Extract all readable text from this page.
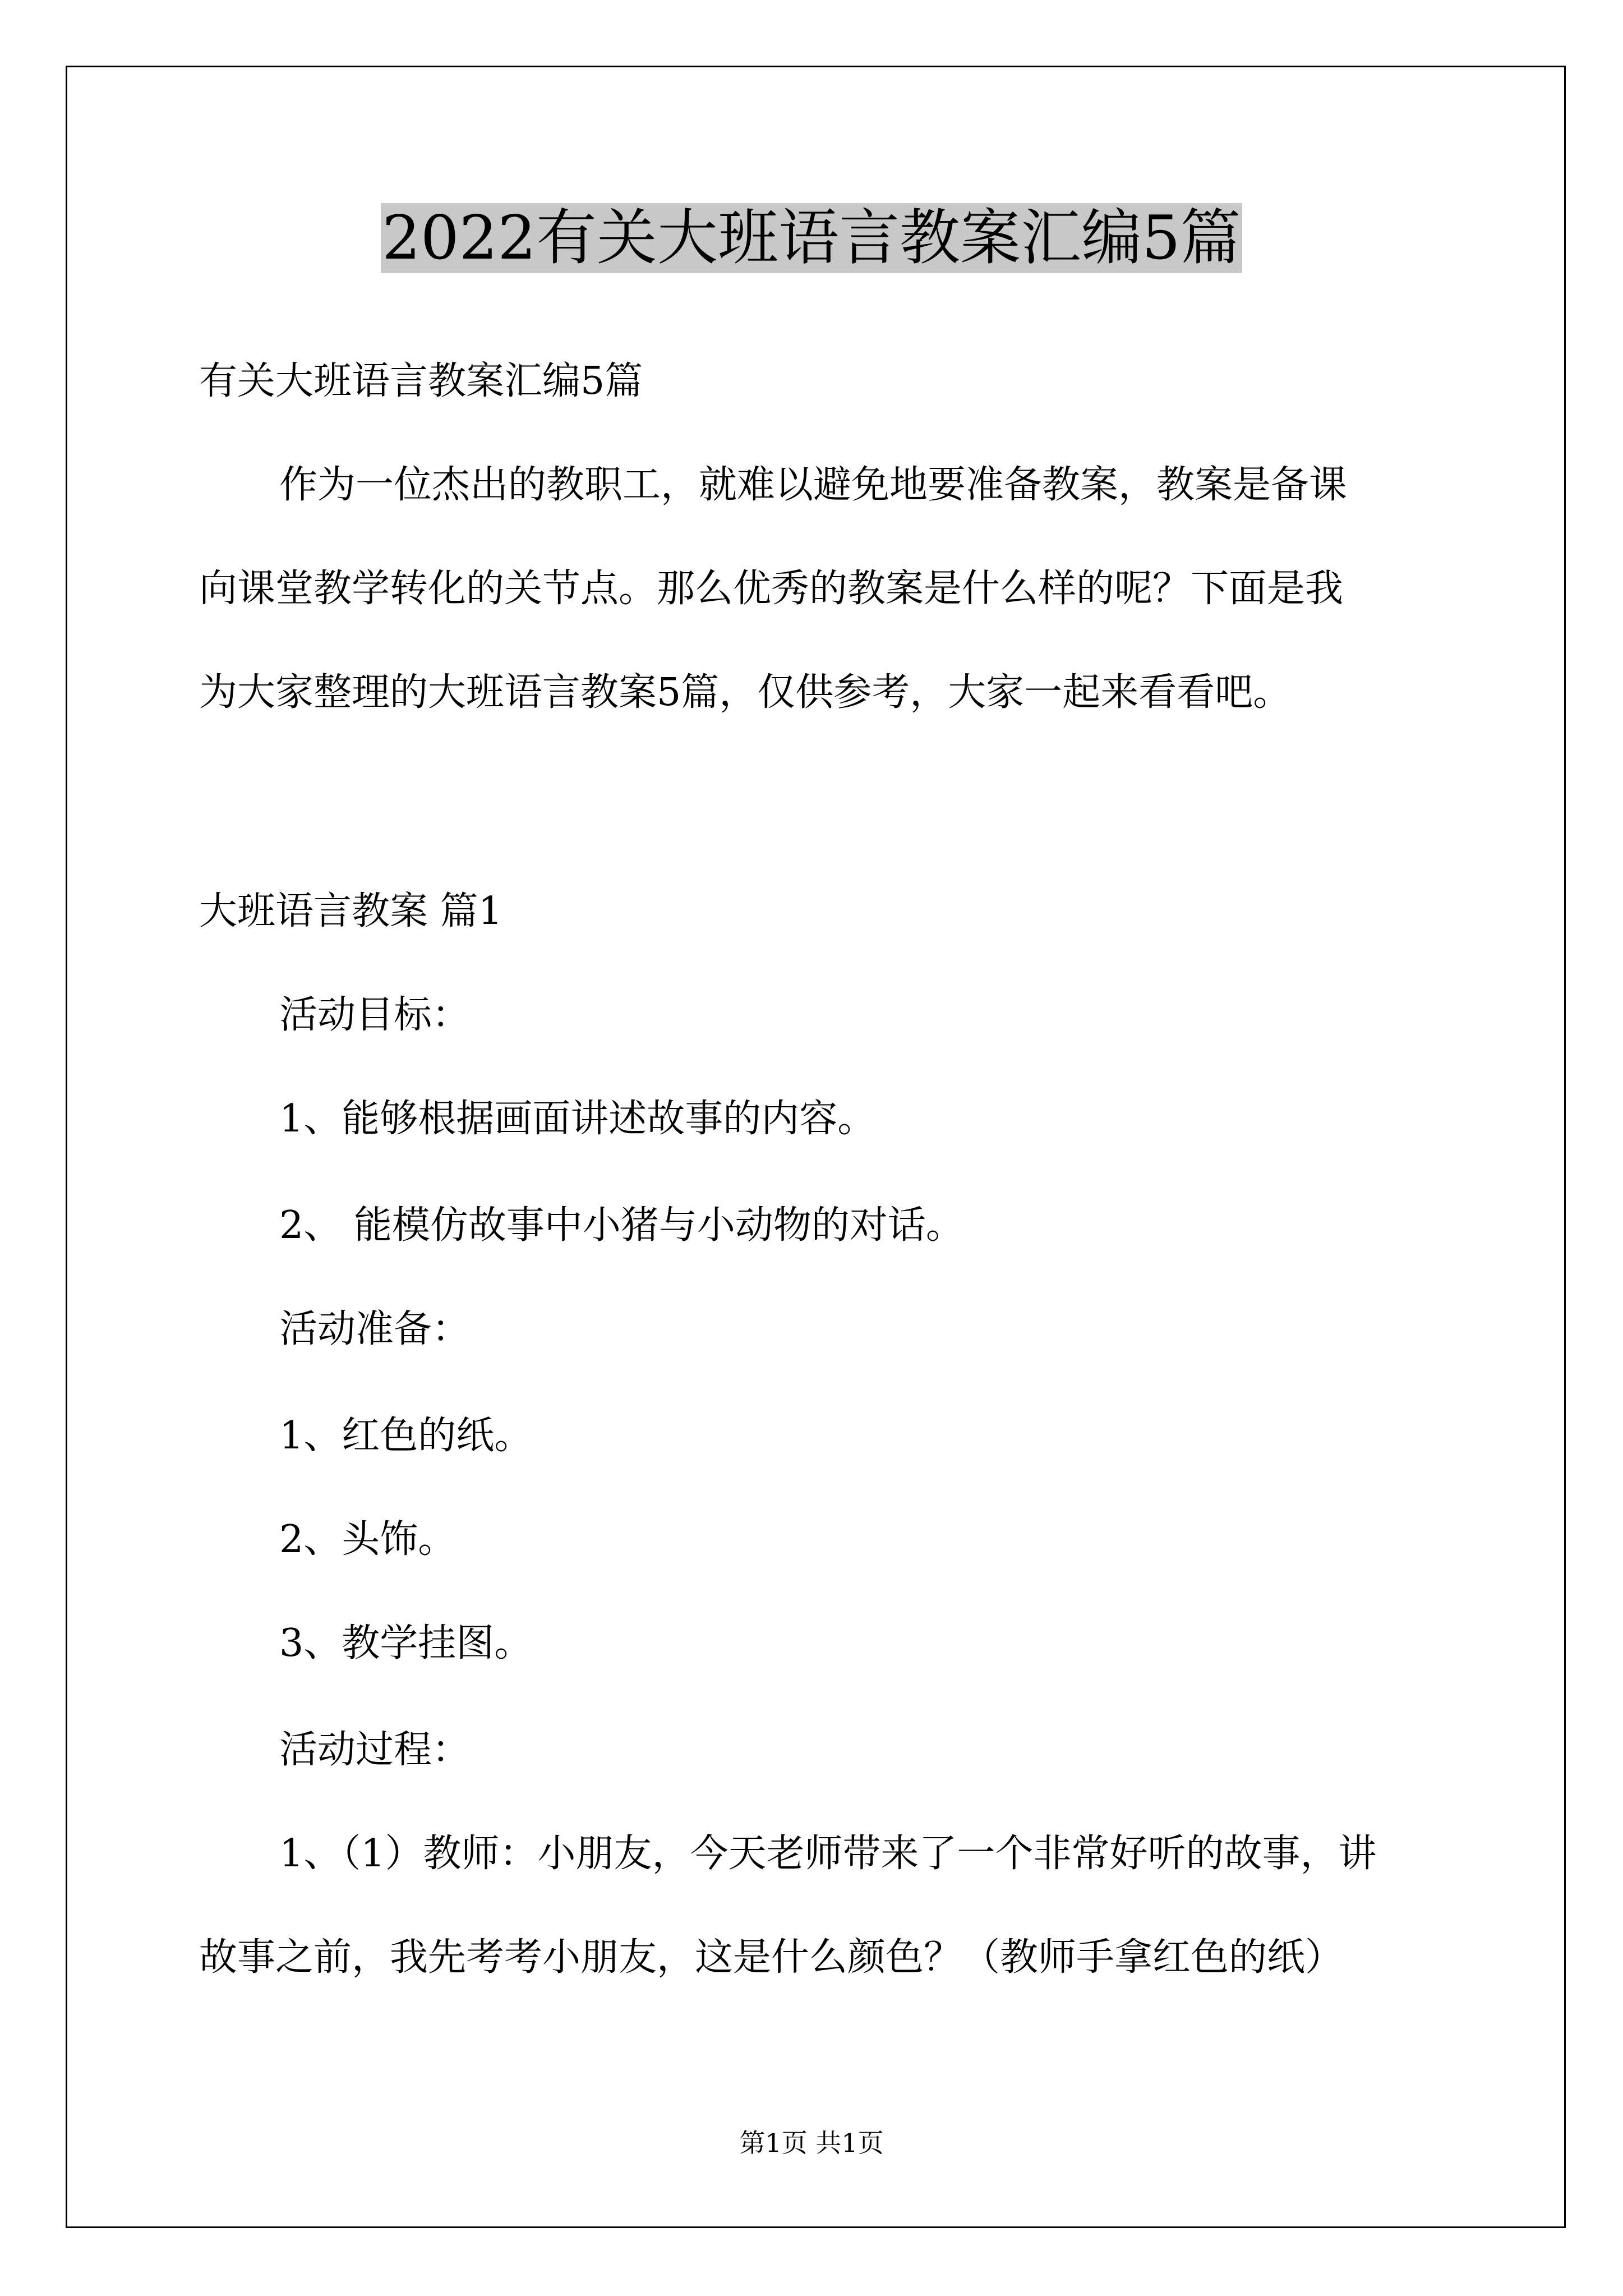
2022有关大班语言教案汇编5篇
有关大班语言教案汇编5篇
作为一位杰出的教职工，就难以避免地要准备教案，教案是备课
向课堂教学转化的关节点。那么优秀的教案是什么样的呢？下面是我
为大家整理的大班语言教案5篇，仅供参考，大家一起来看看吧。
大班语言教案 篇1
活动目标：
1、能够根据画面讲述故事的内容。
2、 能模仿故事中小猪与小动物的对话。
活动准备：
1、红色的纸。
2、头饰。
3、教学挂图。
活动过程：
1、（1）教师：小朋友，今天老师带来了一个非常好听的故事，讲
故事之前，我先考考小朋友，这是什么颜色？（教师手拿红色的纸）
第1页 共1页
